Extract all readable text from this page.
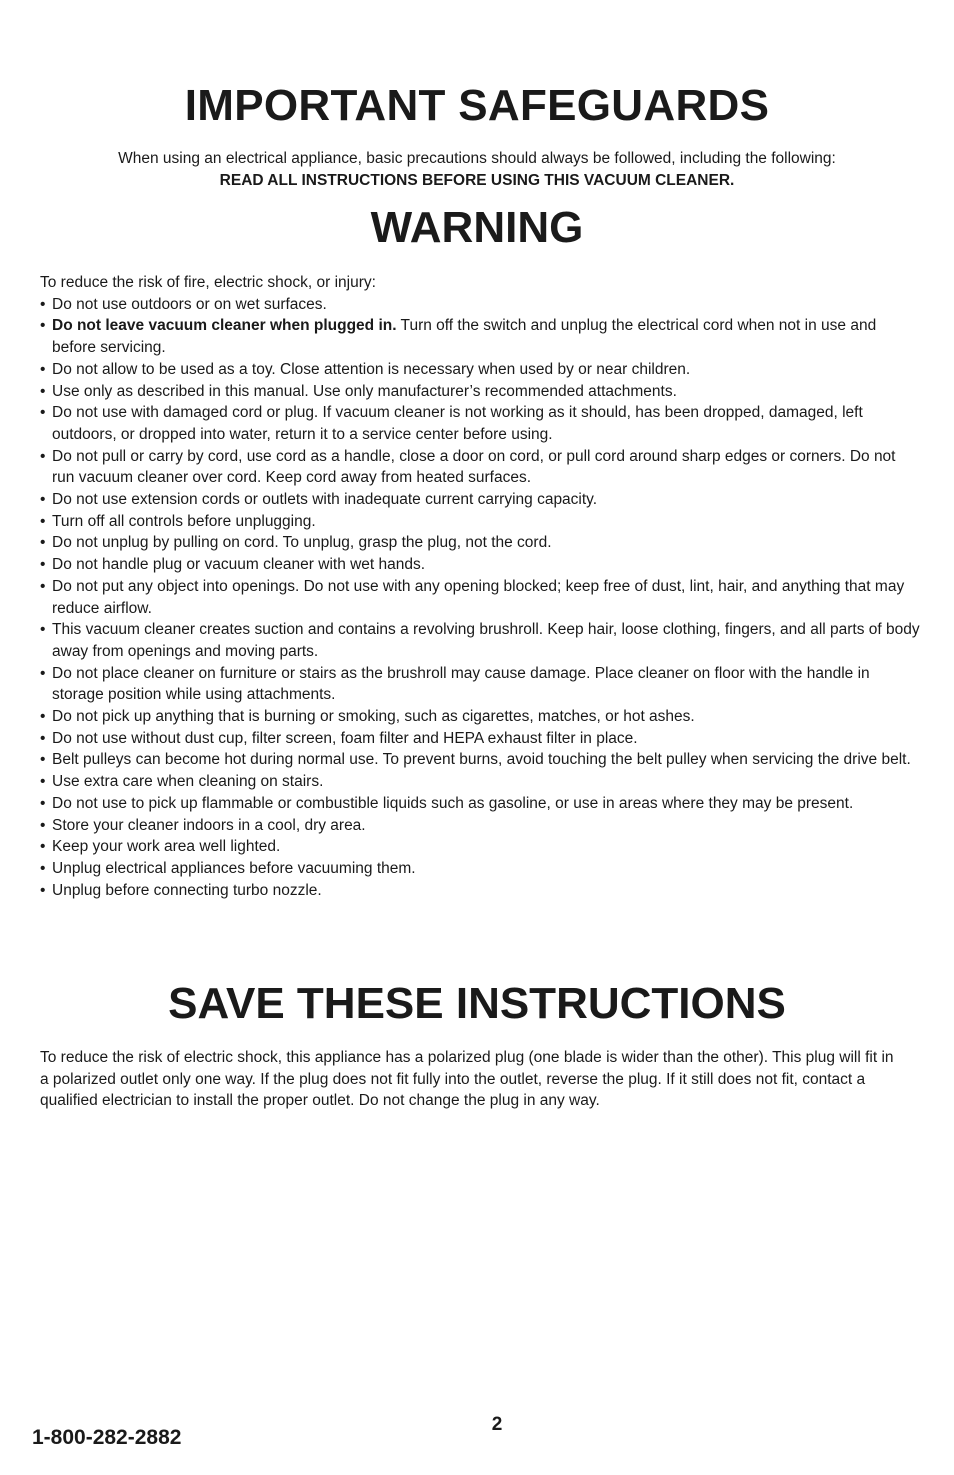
IMPORTANT SAFEGUARDS

When using an electrical appliance, basic precautions should always be followed, including the following:

READ ALL INSTRUCTIONS BEFORE USING THIS VACUUM CLEANER.

WARNING

To reduce the risk of fire, electric shock, or injury:

• Do not use outdoors or on wet surfaces.
• Do not leave vacuum cleaner when plugged in. Turn off the switch and unplug the electrical cord when not in use and before servicing.
• Do not allow to be used as a toy. Close attention is necessary when used by or near children.
• Use only as described in this manual. Use only manufacturer’s recommended attachments.
• Do not use with damaged cord or plug. If vacuum cleaner is not working as it should, has been dropped, damaged, left outdoors, or dropped into water, return it to a service center before using.
• Do not pull or carry by cord, use cord as a handle, close a door on cord, or pull cord around sharp edges or corners. Do not run vacuum cleaner over cord. Keep cord away from heated surfaces.
• Do not use extension cords or outlets with inadequate current carrying capacity.
• Turn off all controls before unplugging.
• Do not unplug by pulling on cord. To unplug, grasp the plug, not the cord.
• Do not handle plug or vacuum cleaner with wet hands.
• Do not put any object into openings. Do not use with any opening blocked; keep free of dust, lint, hair, and anything that may reduce airflow.
• This vacuum cleaner creates suction and contains a revolving brushroll. Keep hair, loose clothing, fingers, and all parts of body away from openings and moving parts.
• Do not place cleaner on furniture or stairs as the brushroll may cause damage. Place cleaner on floor with the handle in storage position while using attachments.
• Do not pick up anything that is burning or smoking, such as cigarettes, matches, or hot ashes.
• Do not use without dust cup, filter screen, foam filter and HEPA exhaust filter in place.
• Belt pulleys can become hot during normal use. To prevent burns, avoid touching the belt pulley when servicing the drive belt.
• Use extra care when cleaning on stairs.
• Do not use to pick up flammable or combustible liquids such as gasoline, or use in areas where they may be present.
• Store your cleaner indoors in a cool, dry area.
• Keep your work area well lighted.
• Unplug electrical appliances before vacuuming them.
• Unplug before connecting turbo nozzle.
SAVE THESE INSTRUCTIONS

To reduce the risk of electric shock, this appliance has a polarized plug (one blade is wider than the other). This plug will fit in a polarized outlet only one way. If the plug does not fit fully into the outlet, reverse the plug. If it still does not fit, contact a qualified electrician to install the proper outlet. Do not change the plug in any way.

2

1-800-282-2882
